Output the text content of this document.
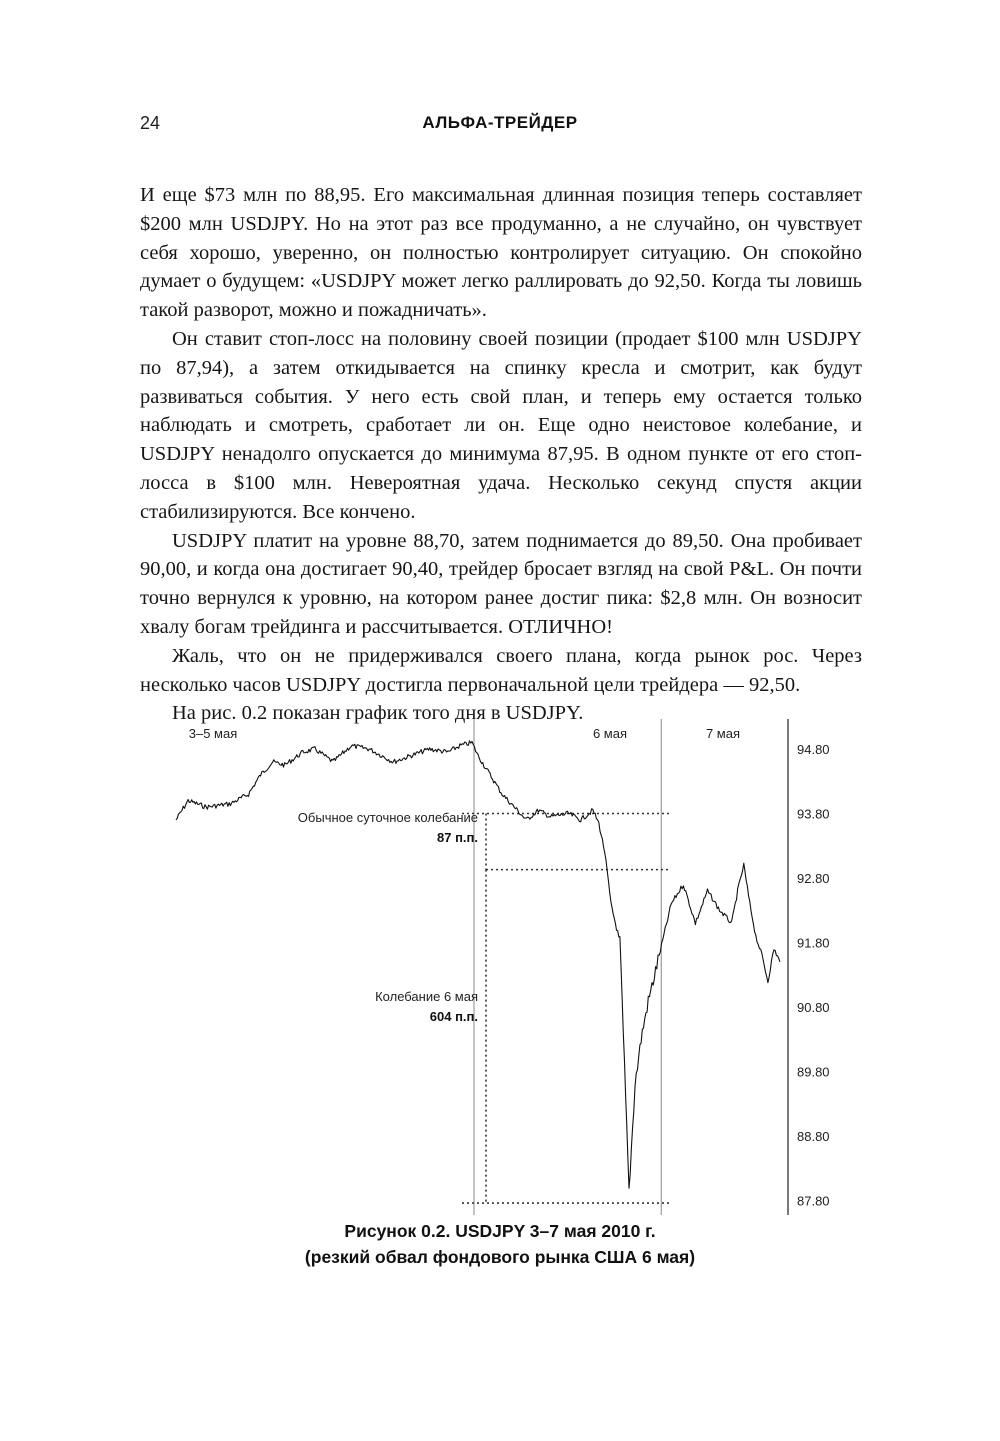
24	АЛЬФА-ТРЕЙДЕР

И еще $73 млн по 88,95. Его максимальная длинная позиция теперь составляет $200 млн USDJPY. Но на этот раз все продуманно, а не случайно, он чувствует себя хорошо, уверенно, он полностью контролирует ситуацию. Он спокойно думает о будущем: «USDJPY может легко раллировать до 92,50. Когда ты ловишь такой разворот, можно и пожадничать».

Он ставит стоп-лосс на половину своей позиции (продает $100 млн USDJPY по 87,94), а затем откидывается на спинку кресла и смотрит, как будут развиваться события. У него есть свой план, и теперь ему остается только наблюдать и смотреть, сработает ли он. Еще одно неистовое колебание, и USDJPY ненадолго опускается до минимума 87,95. В одном пункте от его стоп-лосса в $100 млн. Невероятная удача. Несколько секунд спустя акции стабилизируются. Все кончено.

USDJPY платит на уровне 88,70, затем поднимается до 89,50. Она пробивает 90,00, и когда она достигает 90,40, трейдер бросает взгляд на свой P&L. Он почти точно вернулся к уровню, на котором ранее достиг пика: $2,8 млн. Он возносит хвалу богам трейдинга и рассчитывается. ОТЛИЧНО!

Жаль, что он не придерживался своего плана, когда рынок рос. Через несколько часов USDJPY достигла первоначальной цели трейдера — 92,50.

На рис. 0.2 показан график того дня в USDJPY.

3–5 мая	6 мая	7 мая
94.80
93.80
92.80
91.80
90.80
89.80
88.80
87.80
Обычное суточное колебание
87 п.п.
Колебание 6 мая
604 п.п.
Рисунок 0.2. USDJPY 3–7 мая 2010 г.
(резкий обвал фондового рынка США 6 мая)
